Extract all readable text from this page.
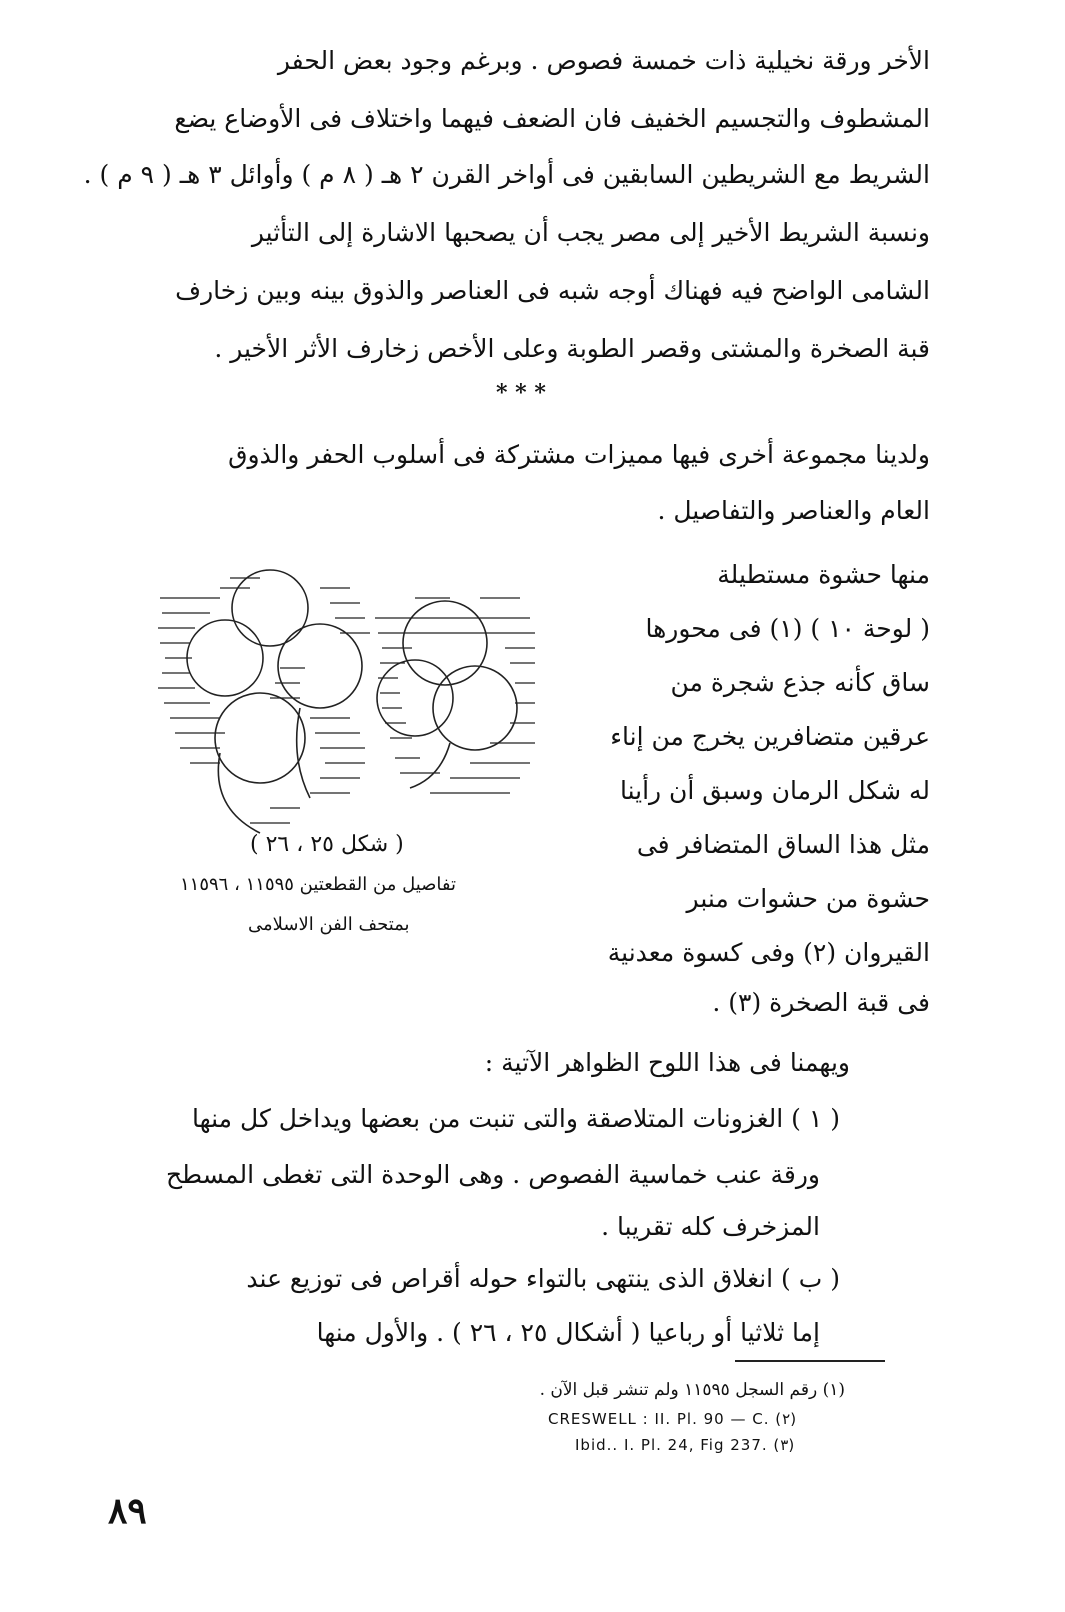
الأخر ورقة نخيلية ذات خمسة فصوص . وبرغم وجود بعض الحفر
المشطوف والتجسيم الخفيف فان الضعف فيهما واختلاف فى الأوضاع يضع
الشريط مع الشريطين السابقين فى أواخر القرن ٢ هـ ( ٨ م ) وأوائل ٣ هـ ( ٩ م ) .
ونسبة الشريط الأخير إلى مصر يجب أن يصحبها الاشارة إلى التأثير
الشامى الواضح فيه فهناك أوجه شبه فى العناصر والذوق بينه وبين زخارف
قبة الصخرة والمشتى وقصر الطوبة وعلى الأخص زخارف الأثر الأخير .
* * *
ولدينا مجموعة أخرى فيها مميزات مشتركة فى أسلوب الحفر والذوق
العام والعناصر والتفاصيل .
( شكل ٢٥ ، ٢٦ )
تفاصيل من القطعتين ١١٥٩٥ ، ١١٥٩٦
بمتحف الفن الاسلامى
منها حشوة مستطيلة
( لوحة ١٠ ) (١) فى محورها
ساق كأنه جذع شجرة من
عرقين متضافرين يخرج من إناء
له شكل الرمان وسبق أن رأينا
مثل هذا الساق المتضافر فى
حشوة من حشوات منبر
القيروان (٢) وفى كسوة معدنية
فى قبة الصخرة (٣) .
ويهمنا فى هذا اللوح الظواهر الآتية :
( ١ ) الغزونات المتلاصقة والتى تنبت من بعضها ويداخل كل منها
ورقة عنب خماسية الفصوص . وهى الوحدة التى تغطى المسطح
المزخرف كله تقريبا .
( ب ) انغلاق الذى ينتهى بالتواء حوله أقراص فى توزيع عند
إما ثلاثيا أو رباعيا ( أشكال ٢٥ ، ٢٦ ) . والأول منها
(١) رقم السجل ١١٥٩٥ ولم تنشر قبل الآن .
CRESWELL : II. Pl. 90 — C. (٢)
Ibid.. I. Pl. 24, Fig 237. (٣)
٨٩
